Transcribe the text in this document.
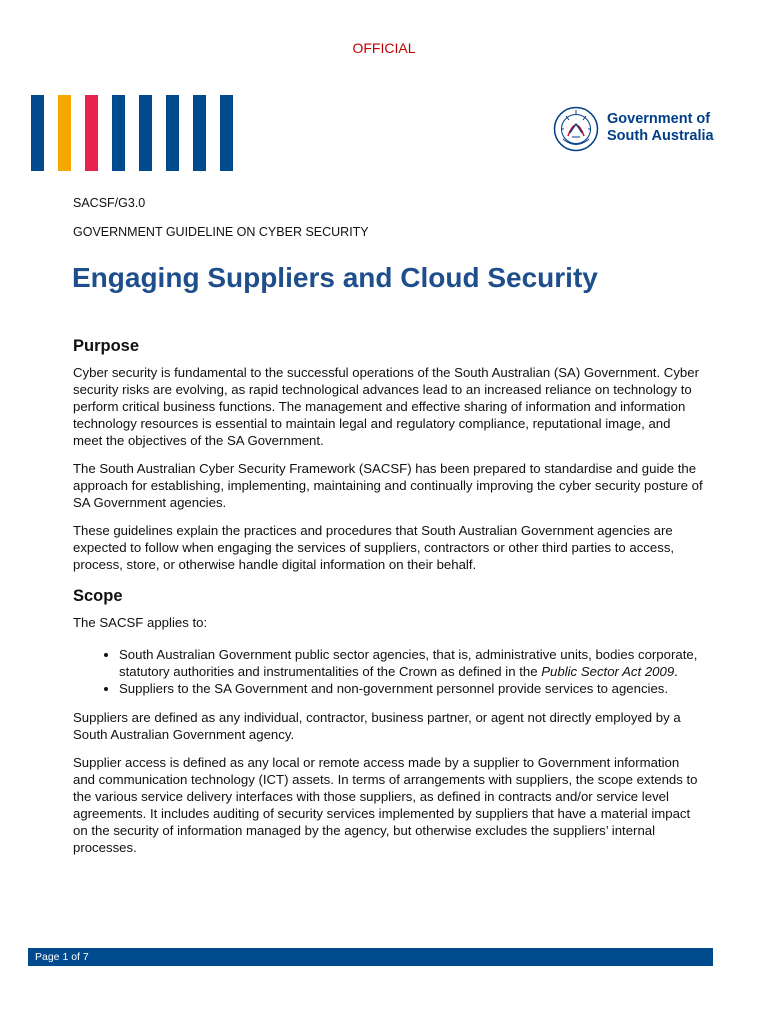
OFFICIAL
Government of
South Australia
SACSF/G3.0
GOVERNMENT GUIDELINE ON CYBER SECURITY
Engaging Suppliers and Cloud Security
Purpose

Cyber security is fundamental to the successful operations of the South Australian (SA) Government. Cyber security risks are evolving, as rapid technological advances lead to an increased reliance on technology to perform critical business functions. The management and effective sharing of information and information technology resources is essential to maintain legal and regulatory compliance, reputational image, and meet the objectives of the SA Government.

The South Australian Cyber Security Framework (SACSF) has been prepared to standardise and guide the approach for establishing, implementing, maintaining and continually improving the cyber security posture of SA Government agencies.

These guidelines explain the practices and procedures that South Australian Government agencies are expected to follow when engaging the services of suppliers, contractors or other third parties to access, process, store, or otherwise handle digital information on their behalf.

Scope

The SACSF applies to:

• South Australian Government public sector agencies, that is, administrative units, bodies corporate, statutory authorities and instrumentalities of the Crown as defined in the Public Sector Act 2009.
• Suppliers to the SA Government and non-government personnel provide services to agencies.

Suppliers are defined as any individual, contractor, business partner, or agent not directly employed by a South Australian Government agency.

Supplier access is defined as any local or remote access made by a supplier to Government information and communication technology (ICT) assets. In terms of arrangements with suppliers, the scope extends to the various service delivery interfaces with those suppliers, as defined in contracts and/or service level agreements. It includes auditing of security services implemented by suppliers that have a material impact on the security of information managed by the agency, but otherwise excludes the suppliers’ internal processes.

Page 1 of 7
